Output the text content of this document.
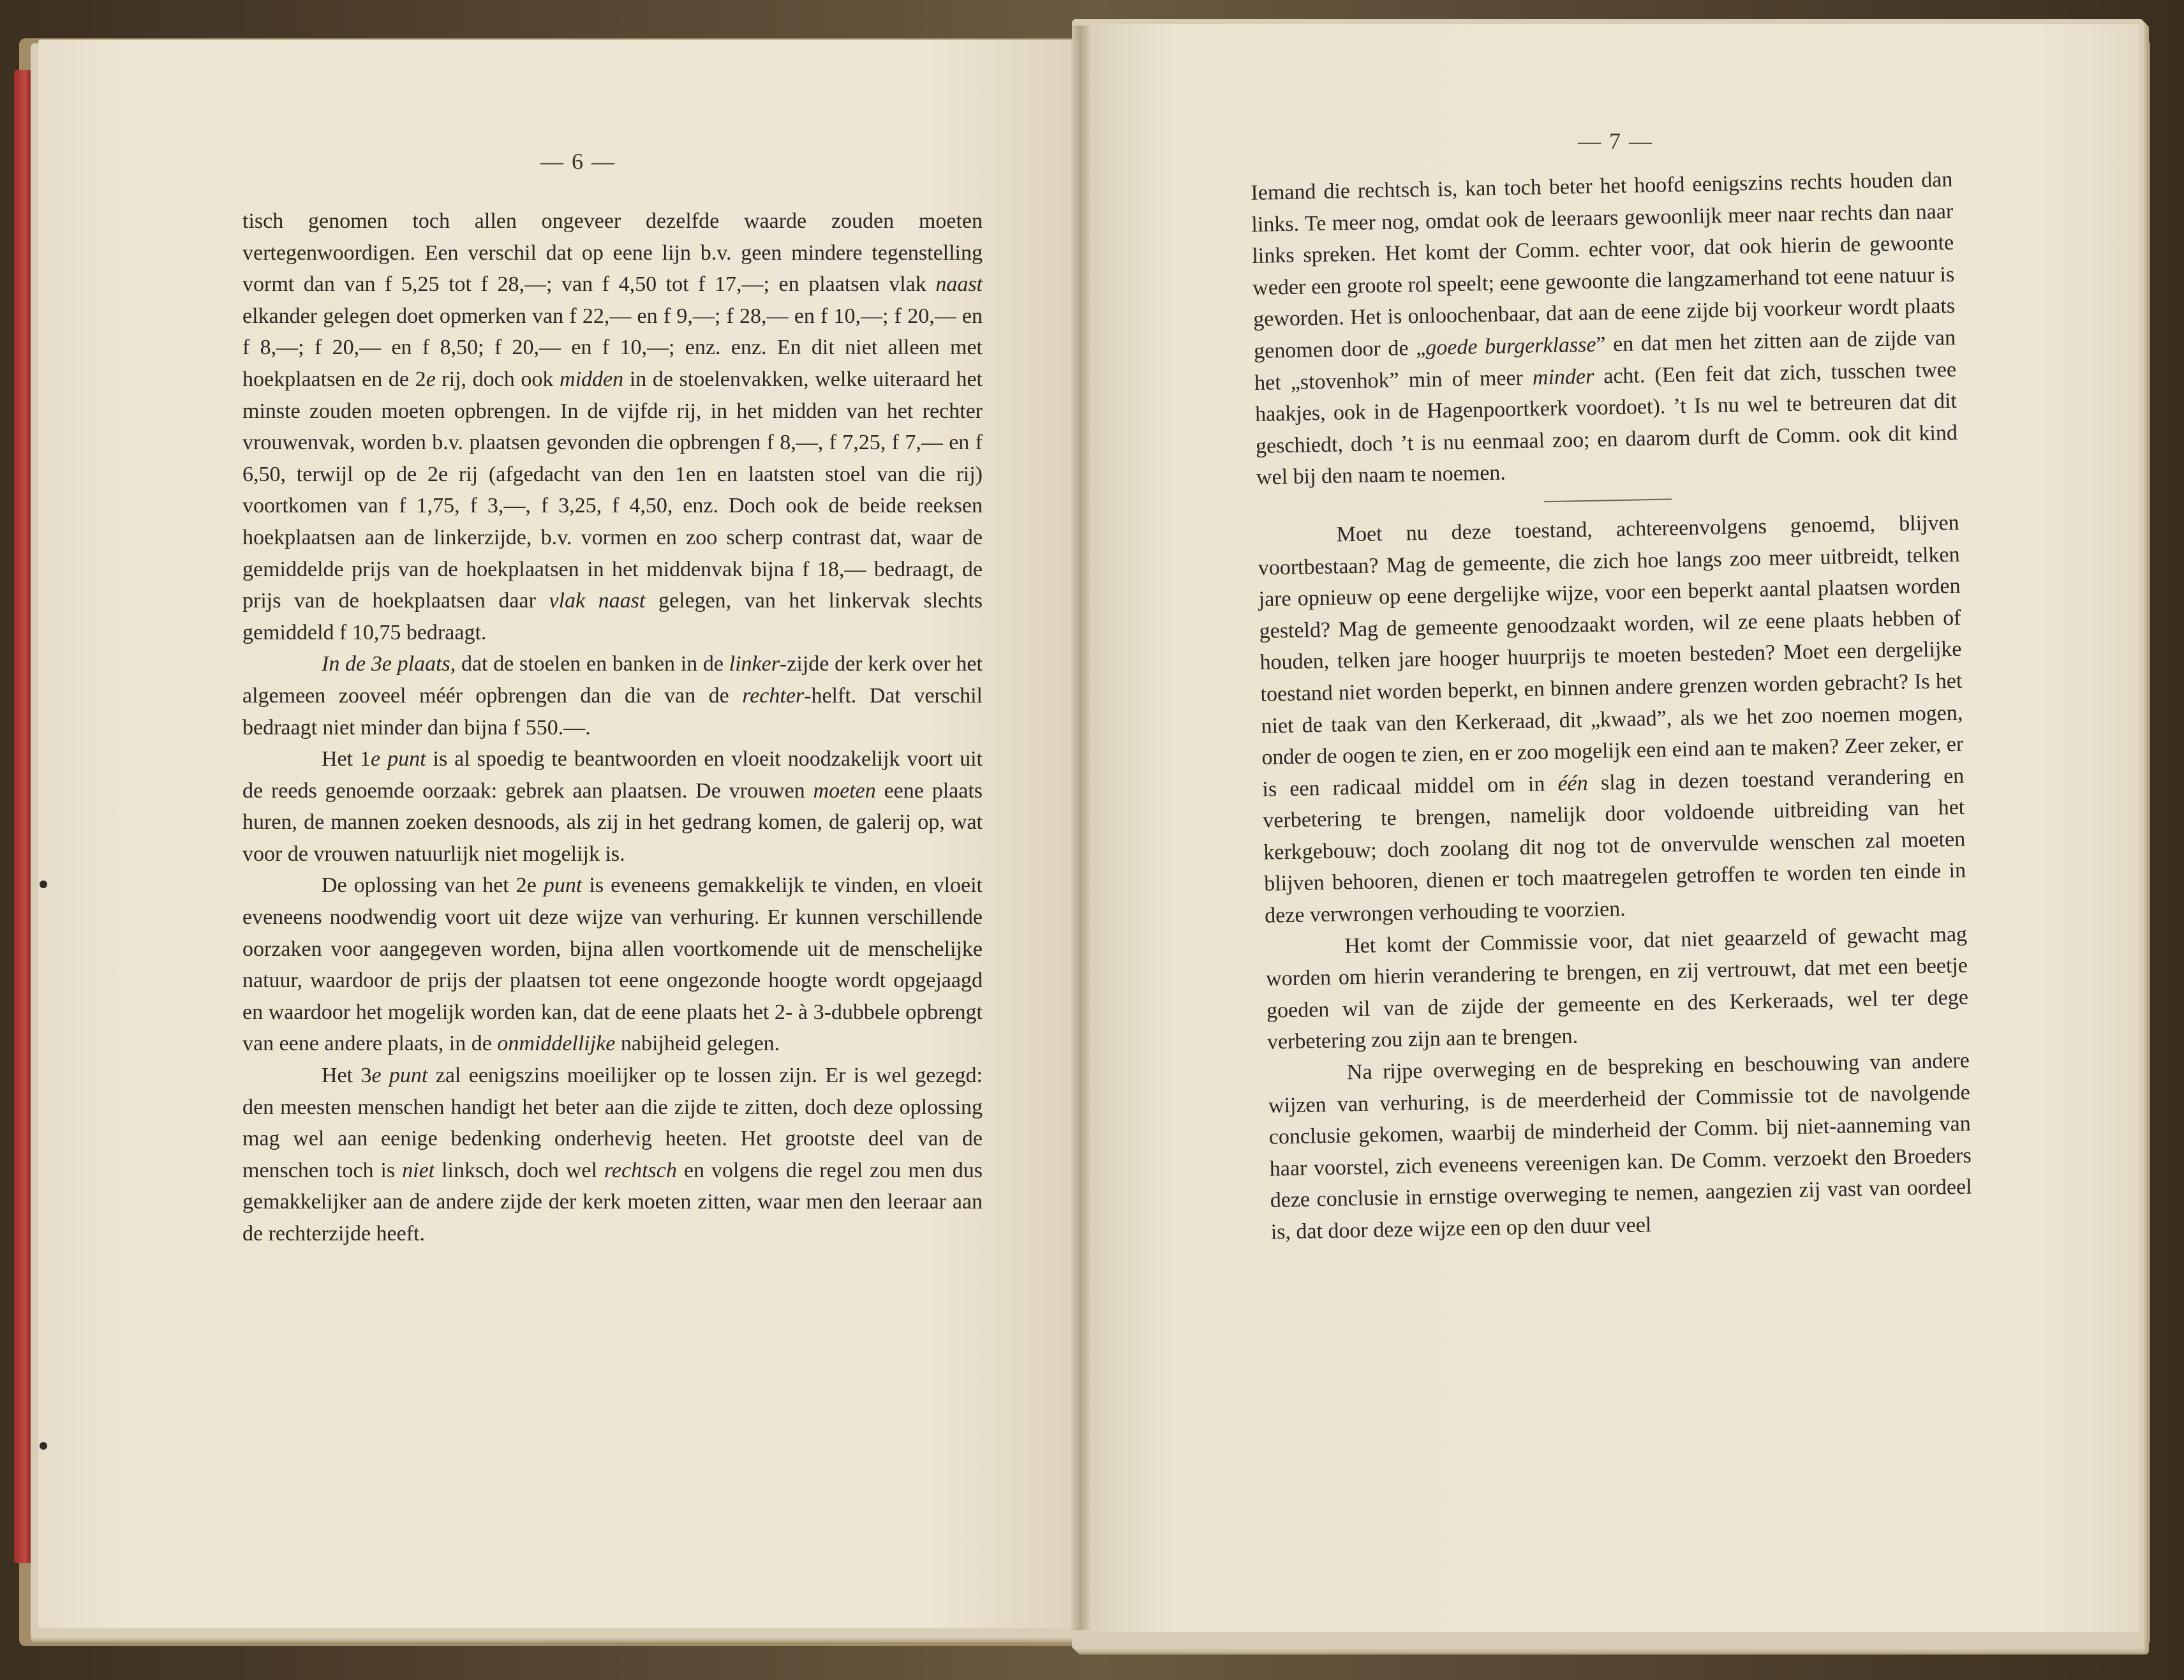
— 6 —

tisch genomen toch allen ongeveer dezelfde waarde zouden moeten vertegenwoordigen. Een verschil dat op eene lijn b.v. geen mindere tegenstelling vormt dan van f 5,25 tot f 28,—; van f 4,50 tot f 17,—; en plaatsen vlak naast elkander gelegen doet opmerken van f 22,— en f 9,—; f 28,— en f 10,—; f 20,— en f 8,—; f 20,— en f 8,50; f 20,— en f 10,—; enz. enz. En dit niet alleen met hoekplaatsen en de 2e rij, doch ook midden in de stoelenvakken, welke uiteraard het minste zouden moeten opbrengen. In de vijfde rij, in het midden van het rechter vrouwenvak, worden b.v. plaatsen gevonden die opbrengen f 8,—, f 7,25, f 7,— en f 6,50, terwijl op de 2e rij (afgedacht van den 1en en laatsten stoel van die rij) voortkomen van f 1,75, f 3,—, f 3,25, f 4,50, enz. Doch ook de beide reeksen hoekplaatsen aan de linkerzijde, b.v. vormen en zoo scherp contrast dat, waar de gemiddelde prijs van de hoekplaatsen in het middenvak bijna f 18,— bedraagt, de prijs van de hoekplaatsen daar vlak naast gelegen, van het linkervak slechts gemiddeld f 10,75 bedraagt.

In de 3e plaats, dat de stoelen en banken in de linker-zijde der kerk over het algemeen zooveel méér opbrengen dan die van de rechter-helft. Dat verschil bedraagt niet minder dan bijna f 550.—.

Het 1e punt is al spoedig te beantwoorden en vloeit noodzakelijk voort uit de reeds genoemde oorzaak: gebrek aan plaatsen. De vrouwen moeten eene plaats huren, de mannen zoeken desnoods, als zij in het gedrang komen, de galerij op, wat voor de vrouwen natuurlijk niet mogelijk is.

De oplossing van het 2e punt is eveneens gemakkelijk te vinden, en vloeit eveneens noodwendig voort uit deze wijze van verhuring. Er kunnen verschillende oorzaken voor aangegeven worden, bijna allen voortkomende uit de menschelijke natuur, waardoor de prijs der plaatsen tot eene ongezonde hoogte wordt opgejaagd en waardoor het mogelijk worden kan, dat de eene plaats het 2- à 3-dubbele opbrengt van eene andere plaats, in de onmiddellijke nabijheid gelegen.

Het 3e punt zal eenigszins moeilijker op te lossen zijn. Er is wel gezegd: den meesten menschen handigt het beter aan die zijde te zitten, doch deze oplossing mag wel aan eenige bedenking onderhevig heeten. Het grootste deel van de menschen toch is niet linksch, doch wel rechtsch en volgens die regel zou men dus gemakkelijker aan de andere zijde der kerk moeten zitten, waar men den leeraar aan de rechterzijde heeft.

— 7 —

Iemand die rechtsch is, kan toch beter het hoofd eenigszins rechts houden dan links. Te meer nog, omdat ook de leeraars gewoonlijk meer naar rechts dan naar links spreken. Het komt der Comm. echter voor, dat ook hierin de gewoonte weder een groote rol speelt; eene gewoonte die langzamerhand tot eene natuur is geworden. Het is onloochenbaar, dat aan de eene zijde bij voorkeur wordt plaats genomen door de „goede burgerklasse” en dat men het zitten aan de zijde van het „stovenhok” min of meer minder acht. (Een feit dat zich, tusschen twee haakjes, ook in de Hagenpoortkerk voordoet). ’t Is nu wel te betreuren dat dit geschiedt, doch ’t is nu eenmaal zoo; en daarom durft de Comm. ook dit kind wel bij den naam te noemen.

Moet nu deze toestand, achtereenvolgens genoemd, blijven voortbestaan? Mag de gemeente, die zich hoe langs zoo meer uitbreidt, telken jare opnieuw op eene dergelijke wijze, voor een beperkt aantal plaatsen worden gesteld? Mag de gemeente genoodzaakt worden, wil ze eene plaats hebben of houden, telken jare hooger huurprijs te moeten besteden? Moet een dergelijke toestand niet worden beperkt, en binnen andere grenzen worden gebracht? Is het niet de taak van den Kerkeraad, dit „kwaad”, als we het zoo noemen mogen, onder de oogen te zien, en er zoo mogelijk een eind aan te maken? Zeer zeker, er is een radicaal middel om in één slag in dezen toestand verandering en verbetering te brengen, namelijk door voldoende uitbreiding van het kerkgebouw; doch zoolang dit nog tot de onvervulde wenschen zal moeten blijven behooren, dienen er toch maatregelen getroffen te worden ten einde in deze verwrongen verhouding te voorzien.

Het komt der Commissie voor, dat niet geaarzeld of gewacht mag worden om hierin verandering te brengen, en zij vertrouwt, dat met een beetje goeden wil van de zijde der gemeente en des Kerkeraads, wel ter dege verbetering zou zijn aan te brengen.

Na rijpe overweging en de bespreking en beschouwing van andere wijzen van verhuring, is de meerderheid der Commissie tot de navolgende conclusie gekomen, waarbij de minderheid der Comm. bij niet-aanneming van haar voorstel, zich eveneens vereenigen kan. De Comm. verzoekt den Broeders deze conclusie in ernstige overweging te nemen, aangezien zij vast van oordeel is, dat door deze wijze een op den duur veel
